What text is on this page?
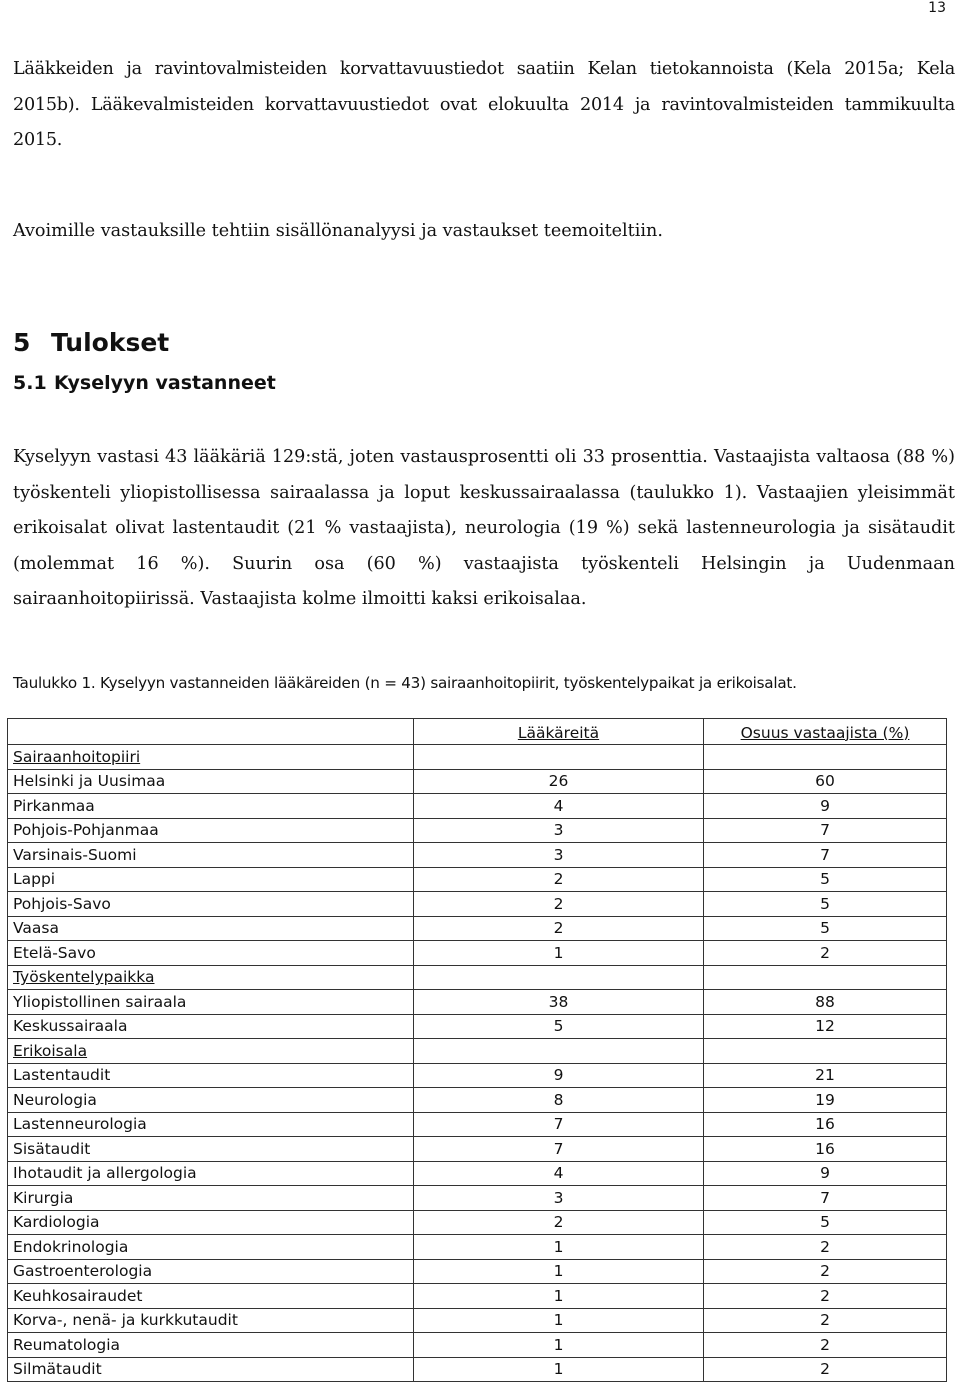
13

Lääkkeiden ja ravintovalmisteiden korvattavuustiedot saatiin Kelan tietokannoista (Kela 2015a; Kela 2015b). Lääkevalmisteiden korvattavuustiedot ovat elokuulta 2014 ja ravintovalmisteiden tammikuulta 2015.

Avoimille vastauksille tehtiin sisällönanalyysi ja vastaukset teemoiteltiin.

5 Tulokset
5.1 Kyselyyn vastanneet

Kyselyyn vastasi 43 lääkäriä 129:stä, joten vastausprosentti oli 33 prosenttia. Vastaajista valtaosa (88 %) työskenteli yliopistollisessa sairaalassa ja loput keskussairaalassa (taulukko 1). Vastaajien yleisimmät erikoisalat olivat lastentaudit (21 % vastaajista), neurologia (19 %) sekä lastenneurologia ja sisätaudit (molemmat 16 %). Suurin osa (60 %) vastaajista työskenteli Helsingin ja Uudenmaan sairaanhoitopiirissä. Vastaajista kolme ilmoitti kaksi erikoisalaa.

Taulukko 1. Kyselyyn vastanneiden lääkäreiden (n = 43) sairaanhoitopiirit, työskentelypaikat ja erikoisalat.
	Lääkäreitä	Osuus vastaajista (%)
Sairaanhoitopiiri		
Helsinki ja Uusimaa	26	60
Pirkanmaa	4	9
Pohjois-Pohjanmaa	3	7
Varsinais-Suomi	3	7
Lappi	2	5
Pohjois-Savo	2	5
Vaasa	2	5
Etelä-Savo	1	2
Työskentelypaikka		
Yliopistollinen sairaala	38	88
Keskussairaala	5	12
Erikoisala		
Lastentaudit	9	21
Neurologia	8	19
Lastenneurologia	7	16
Sisätaudit	7	16
Ihotaudit ja allergologia	4	9
Kirurgia	3	7
Kardiologia	2	5
Endokrinologia	1	2
Gastroenterologia	1	2
Keuhkosairaudet	1	2
Korva-, nenä- ja kurkkutaudit	1	2
Reumatologia	1	2
Silmätaudit	1	2
